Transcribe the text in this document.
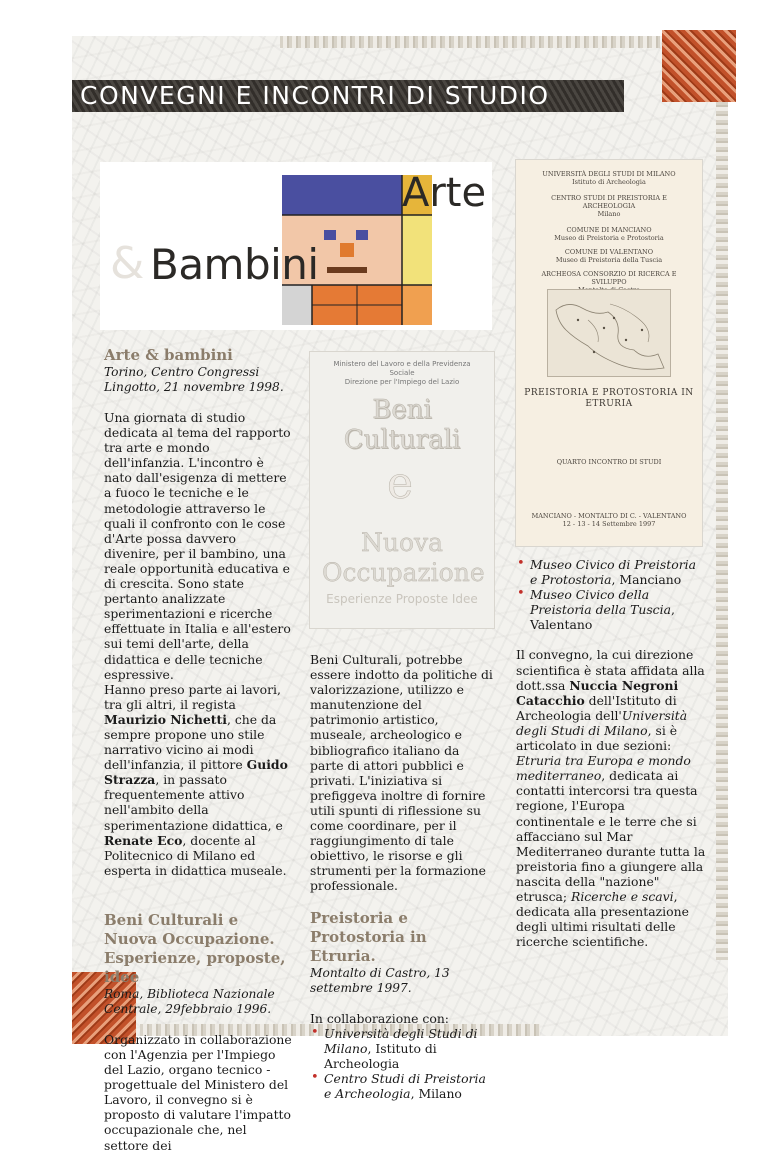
CONVEGNI E INCONTRI DI STUDIO
& Bambini
Arte
Ministero del Lavoro e della Previdenza Sociale
Direzione per l'Impiego del Lazio
Beni Culturali
e
Nuova Occupazione
Esperienze Proposte Idee
UNIVERSITÀ DEGLI STUDI DI MILANO
Istituto di Archeologia
CENTRO STUDI DI PREISTORIA E ARCHEOLOGIA
Milano
COMUNE DI MANCIANO
Museo di Preistoria e Protostoria
COMUNE DI VALENTANO
Museo di Preistoria della Tuscia
ARCHEOSA CONSORZIO DI RICERCA E SVILUPPO
Montalto di Castro
PREISTORIA E PROTOSTORIA IN ETRURIA
QUARTO INCONTRO DI STUDI
MANCIANO - MONTALTO DI C. - VALENTANO
12 - 13 - 14 Settembre 1997
Arte & bambini

Torino, Centro Congressi Lingotto, 21 novembre 1998.

Una giornata di studio dedicata al tema del rapporto tra arte e mondo dell'infanzia. L'incontro è nato dall'esigenza di mettere a fuoco le tecniche e le metodologie attraverso le quali il confronto con le cose d'Arte possa davvero divenire, per il bambino, una reale opportunità educativa e di crescita. Sono state pertanto analizzate sperimentazioni e ricerche effettuate in Italia e all'estero sui temi dell'arte, della didattica e delle tecniche espressive.

Hanno preso parte ai lavori, tra gli altri, il regista Maurizio Nichetti, che da sempre propone uno stile narrativo vicino ai modi dell'infanzia, il pittore Guido Strazza, in passato frequentemente attivo nell'ambito della sperimentazione didattica, e Renate Eco, docente al Politecnico di Milano ed esperta in didattica museale.

Beni Culturali e Nuova Occupazione. Esperienze, proposte, idee

Roma, Biblioteca Nazionale Centrale, 29febbraio 1996.

Organizzato in collaborazione con l'Agenzia per l'Impiego del Lazio, organo tecnico - progettuale del Ministero del Lavoro, il convegno si è proposto di valutare l'impatto occupazionale che, nel settore dei

Beni Culturali, potrebbe essere indotto da politiche di valorizzazione, utilizzo e manutenzione del patrimonio artistico, museale, archeologico e bibliografico italiano da parte di attori pubblici e privati. L'iniziativa si prefiggeva inoltre di fornire utili spunti di riflessione su come coordinare, per il raggiungimento di tale obiettivo, le risorse e gli strumenti per la formazione professionale.

Preistoria e Protostoria in Etruria.

Montalto di Castro, 13 settembre 1997.

In collaborazione con:

• Università degli Studi di Milano, Istituto di Archeologia
• Centro Studi di Preistoria e Archeologia, Milano
• Museo Civico di Preistoria e Protostoria, Manciano
• Museo Civico della Preistoria della Tuscia, Valentano

Il convegno, la cui direzione scientifica è stata affidata alla dott.ssa Nuccia Negroni Catacchio dell'Istituto di Archeologia dell'Università degli Studi di Milano, si è articolato in due sezioni: Etruria tra Europa e mondo mediterraneo, dedicata ai contatti intercorsi tra questa regione, l'Europa continentale e le terre che si affacciano sul Mar Mediterraneo durante tutta la preistoria fino a giungere alla nascita della "nazione" etrusca; Ricerche e scavi, dedicata alla presentazione degli ultimi risultati delle ricerche scientifiche.
